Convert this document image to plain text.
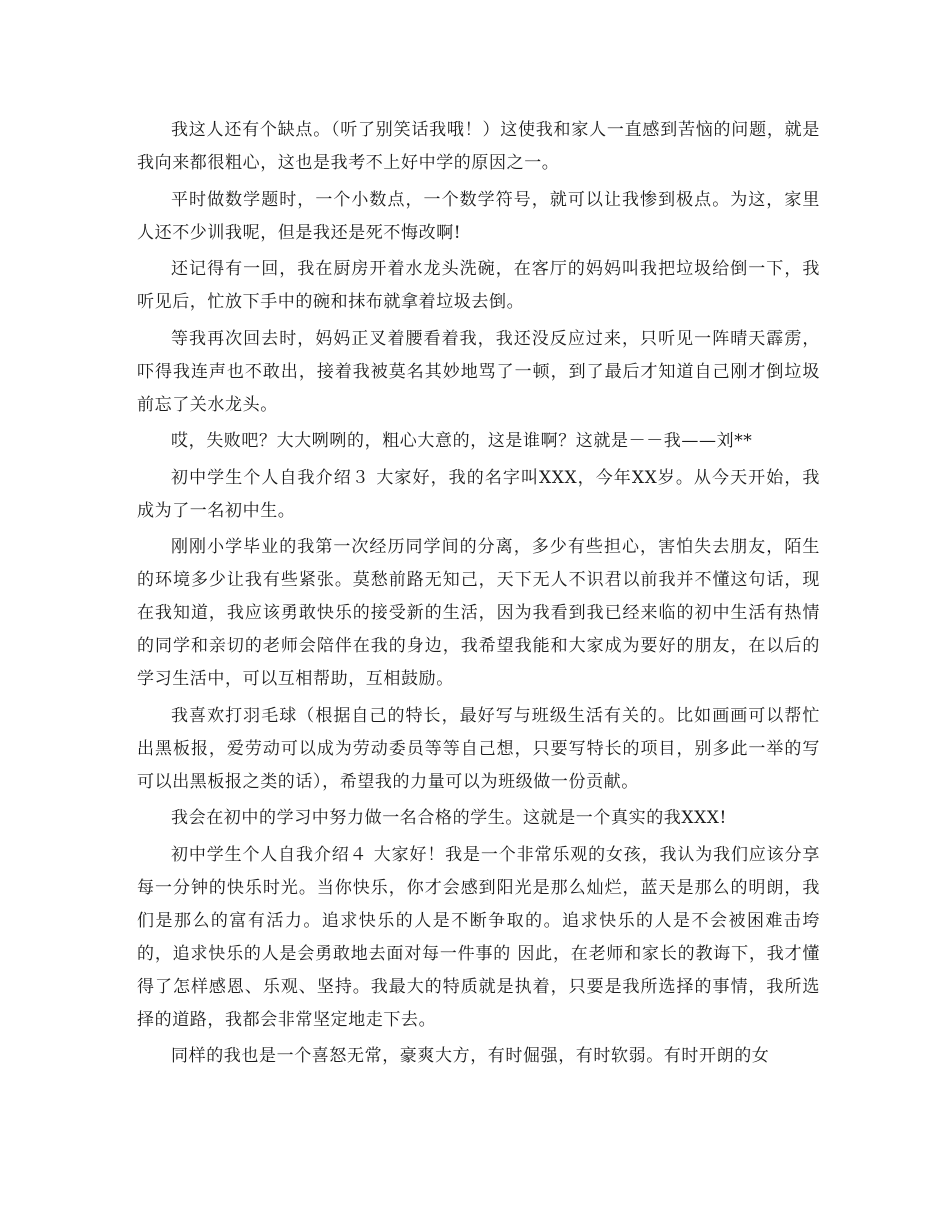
我这人还有个缺点。（听了别笑话我哦！）这使我和家人一直感到苦恼的问题，就是我向来都很粗心，这也是我考不上好中学的原因之一。

平时做数学题时，一个小数点，一个数学符号，就可以让我惨到极点。为这，家里人还不少训我呢，但是我还是死不悔改啊!

还记得有一回，我在厨房开着水龙头洗碗，在客厅的妈妈叫我把垃圾给倒一下，我听见后，忙放下手中的碗和抹布就拿着垃圾去倒。

等我再次回去时，妈妈正叉着腰看着我，我还没反应过来，只听见一阵晴天霹雳，吓得我连声也不敢出，接着我被莫名其妙地骂了一顿，到了最后才知道自己刚才倒垃圾前忘了关水龙头。

哎，失败吧？大大咧咧的，粗心大意的，这是谁啊？这就是－－我——刘**

初中学生个人自我介绍３ 大家好，我的名字叫XXX，今年XX岁。从今天开始，我成为了一名初中生。

刚刚小学毕业的我第一次经历同学间的分离，多少有些担心，害怕失去朋友，陌生的环境多少让我有些紧张。莫愁前路无知己，天下无人不识君以前我并不懂这句话，现在我知道，我应该勇敢快乐的接受新的生活，因为我看到我已经来临的初中生活有热情的同学和亲切的老师会陪伴在我的身边，我希望我能和大家成为要好的朋友，在以后的学习生活中，可以互相帮助，互相鼓励。

我喜欢打羽毛球（根据自己的特长，最好写与班级生活有关的。比如画画可以帮忙出黑板报，爱劳动可以成为劳动委员等等自己想，只要写特长的项目，别多此一举的写可以出黑板报之类的话），希望我的力量可以为班级做一份贡献。

我会在初中的学习中努力做一名合格的学生。这就是一个真实的我XXX!

初中学生个人自我介绍４ 大家好！我是一个非常乐观的女孩，我认为我们应该分享每一分钟的快乐时光。当你快乐，你才会感到阳光是那么灿烂，蓝天是那么的明朗，我们是那么的富有活力。追求快乐的人是不断争取的。追求快乐的人是不会被困难击垮的，追求快乐的人是会勇敢地去面对每一件事的 因此，在老师和家长的教诲下，我才懂得了怎样感恩、乐观、坚持。我最大的特质就是执着，只要是我所选择的事情，我所选择的道路，我都会非常坚定地走下去。

同样的我也是一个喜怒无常，豪爽大方，有时倔强，有时软弱。有时开朗的女
